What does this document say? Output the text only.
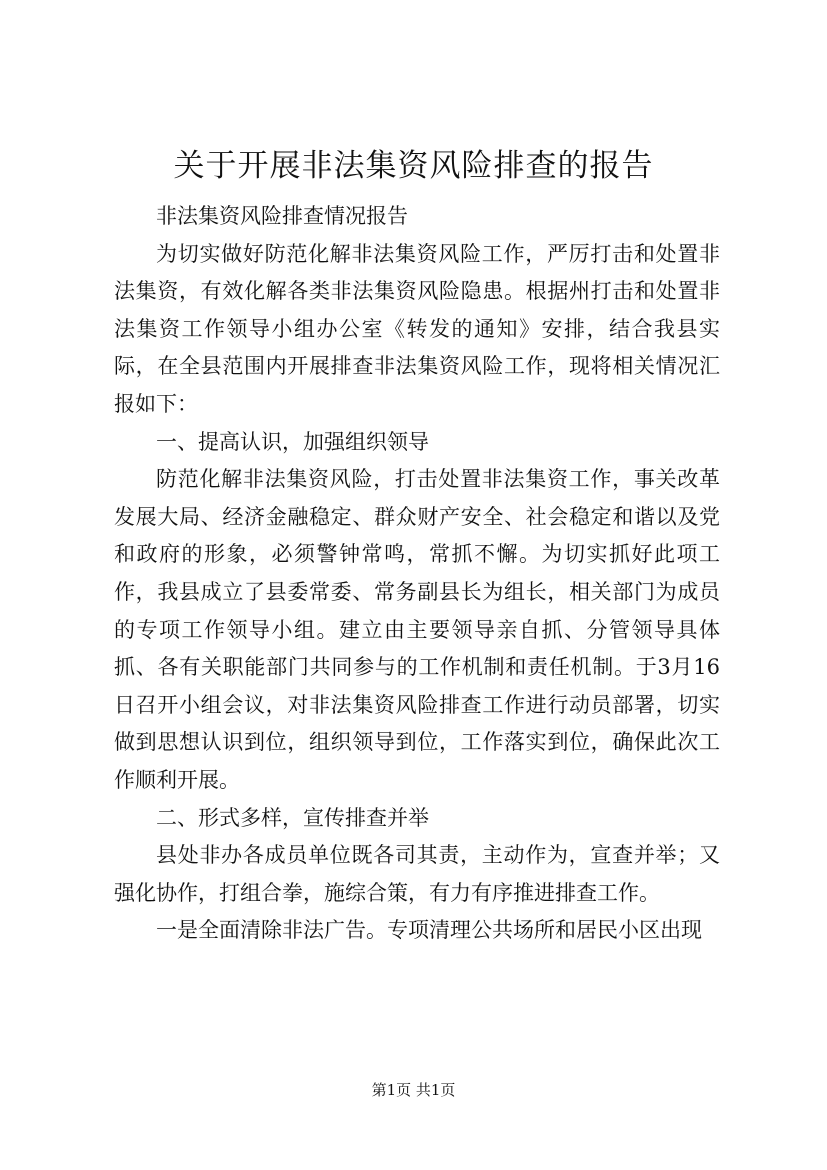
关于开展非法集资风险排查的报告

非法集资风险排查情况报告

为切实做好防范化解非法集资风险工作，严厉打击和处置非法集资，有效化解各类非法集资风险隐患。根据州打击和处置非法集资工作领导小组办公室《转发的通知》安排，结合我县实际，在全县范围内开展排查非法集资风险工作，现将相关情况汇报如下：

一、提高认识，加强组织领导

防范化解非法集资风险，打击处置非法集资工作，事关改革发展大局、经济金融稳定、群众财产安全、社会稳定和谐以及党和政府的形象，必须警钟常鸣，常抓不懈。为切实抓好此项工作，我县成立了县委常委、常务副县长为组长，相关部门为成员的专项工作领导小组。建立由主要领导亲自抓、分管领导具体抓、各有关职能部门共同参与的工作机制和责任机制。于3月16日召开小组会议，对非法集资风险排查工作进行动员部署，切实做到思想认识到位，组织领导到位，工作落实到位，确保此次工作顺利开展。

二、形式多样，宣传排查并举

县处非办各成员单位既各司其责，主动作为，宣查并举；又强化协作，打组合拳，施综合策，有力有序推进排查工作。

一是全面清除非法广告。专项清理公共场所和居民小区出现

第1页 共1页
